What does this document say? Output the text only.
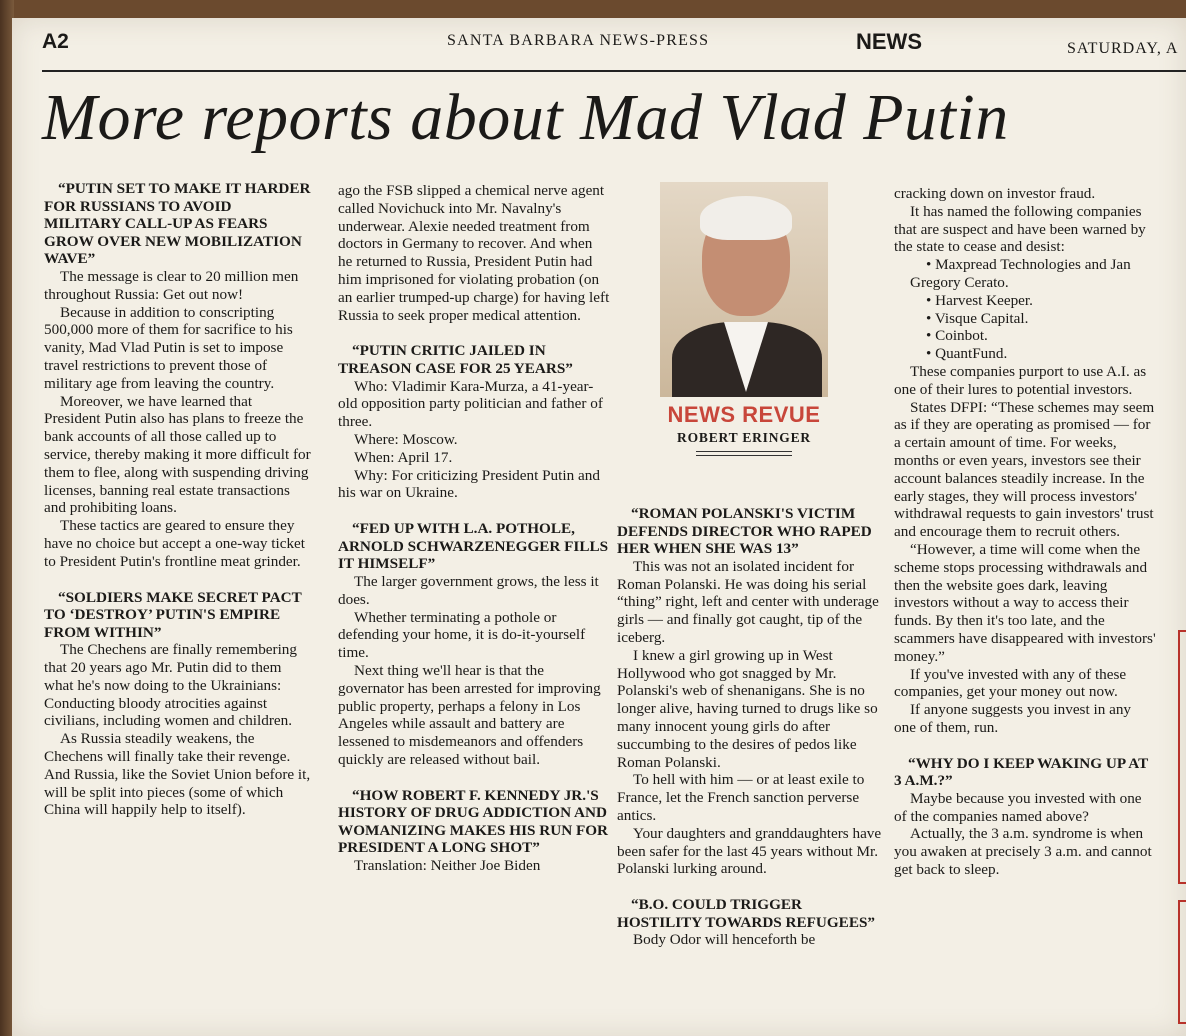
A2	SANTA BARBARA NEWS-PRESS	NEWS	SATURDAY, A
More reports about Mad Vlad Putin
“PUTIN SET TO MAKE IT HARDER FOR RUSSIANS TO AVOID MILITARY CALL-UP AS FEARS GROW OVER NEW MOBILIZATION WAVE”

The message is clear to 20 million men throughout Russia: Get out now!

Because in addition to conscripting 500,000 more of them for sacrifice to his vanity, Mad Vlad Putin is set to impose travel restrictions to prevent those of military age from leaving the country.

Moreover, we have learned that President Putin also has plans to freeze the bank accounts of all those called up to service, thereby making it more difficult for them to flee, along with suspending driving licenses, banning real estate transactions and prohibiting loans.

These tactics are geared to ensure they have no choice but accept a one-way ticket to President Putin's frontline meat grinder.

“SOLDIERS MAKE SECRET PACT TO ‘DESTROY’ PUTIN'S EMPIRE FROM WITHIN”

The Chechens are finally remembering that 20 years ago Mr. Putin did to them what he's now doing to the Ukrainians: Conducting bloody atrocities against civilians, including women and children.

As Russia steadily weakens, the Chechens will finally take their revenge. And Russia, like the Soviet Union before it, will be split into pieces (some of which China will happily help to itself).

ago the FSB slipped a chemical nerve agent called Novichuck into Mr. Navalny's underwear. Alexie needed treatment from doctors in Germany to recover. And when he returned to Russia, President Putin had him imprisoned for violating probation (on an earlier trumped-up charge) for having left Russia to seek proper medical attention.

“PUTIN CRITIC JAILED IN TREASON CASE FOR 25 YEARS”

Who: Vladimir Kara-Murza, a 41-year-old opposition party politician and father of three.

Where: Moscow.

When: April 17.

Why: For criticizing President Putin and his war on Ukraine.

“FED UP WITH L.A. POTHOLE, ARNOLD SCHWARZENEGGER FILLS IT HIMSELF”

The larger government grows, the less it does.

Whether terminating a pothole or defending your home, it is do-it-yourself time.

Next thing we'll hear is that the governator has been arrested for improving public property, perhaps a felony in Los Angeles while assault and battery are lessened to misdemeanors and offenders quickly are released without bail.

“HOW ROBERT F. KENNEDY JR.'S HISTORY OF DRUG ADDICTION AND WOMANIZING MAKES HIS RUN FOR PRESIDENT A LONG SHOT”

Translation: Neither Joe Biden

NEWS REVUE
ROBERT ERINGER
“ROMAN POLANSKI'S VICTIM DEFENDS DIRECTOR WHO RAPED HER WHEN SHE WAS 13”

This was not an isolated incident for Roman Polanski. He was doing his serial “thing” right, left and center with underage girls — and finally got caught, tip of the iceberg.

I knew a girl growing up in West Hollywood who got snagged by Mr. Polanski's web of shenanigans. She is no longer alive, having turned to drugs like so many innocent young girls do after succumbing to the desires of pedos like Roman Polanski.

To hell with him — or at least exile to France, let the French sanction perverse antics.

Your daughters and granddaughters have been safer for the last 45 years without Mr. Polanski lurking around.

“B.O. COULD TRIGGER HOSTILITY TOWARDS REFUGEES”

Body Odor will henceforth be

cracking down on investor fraud.

It has named the following companies that are suspect and have been warned by the state to cease and desist:

• Maxpread Technologies and Jan Gregory Cerato.

• Harvest Keeper.

• Visque Capital.

• Coinbot.

• QuantFund.

These companies purport to use A.I. as one of their lures to potential investors.

States DFPI: “These schemes may seem as if they are operating as promised — for a certain amount of time. For weeks, months or even years, investors see their account balances steadily increase. In the early stages, they will process investors' withdrawal requests to gain investors' trust and encourage them to recruit others.

“However, a time will come when the scheme stops processing withdrawals and then the website goes dark, leaving investors without a way to access their funds. By then it's too late, and the scammers have disappeared with investors' money.”

If you've invested with any of these companies, get your money out now.

If anyone suggests you invest in any one of them, run.

“WHY DO I KEEP WAKING UP AT 3 A.M.?”

Maybe because you invested with one of the companies named above?

Actually, the 3 a.m. syndrome is when you awaken at precisely 3 a.m. and cannot get back to sleep.
